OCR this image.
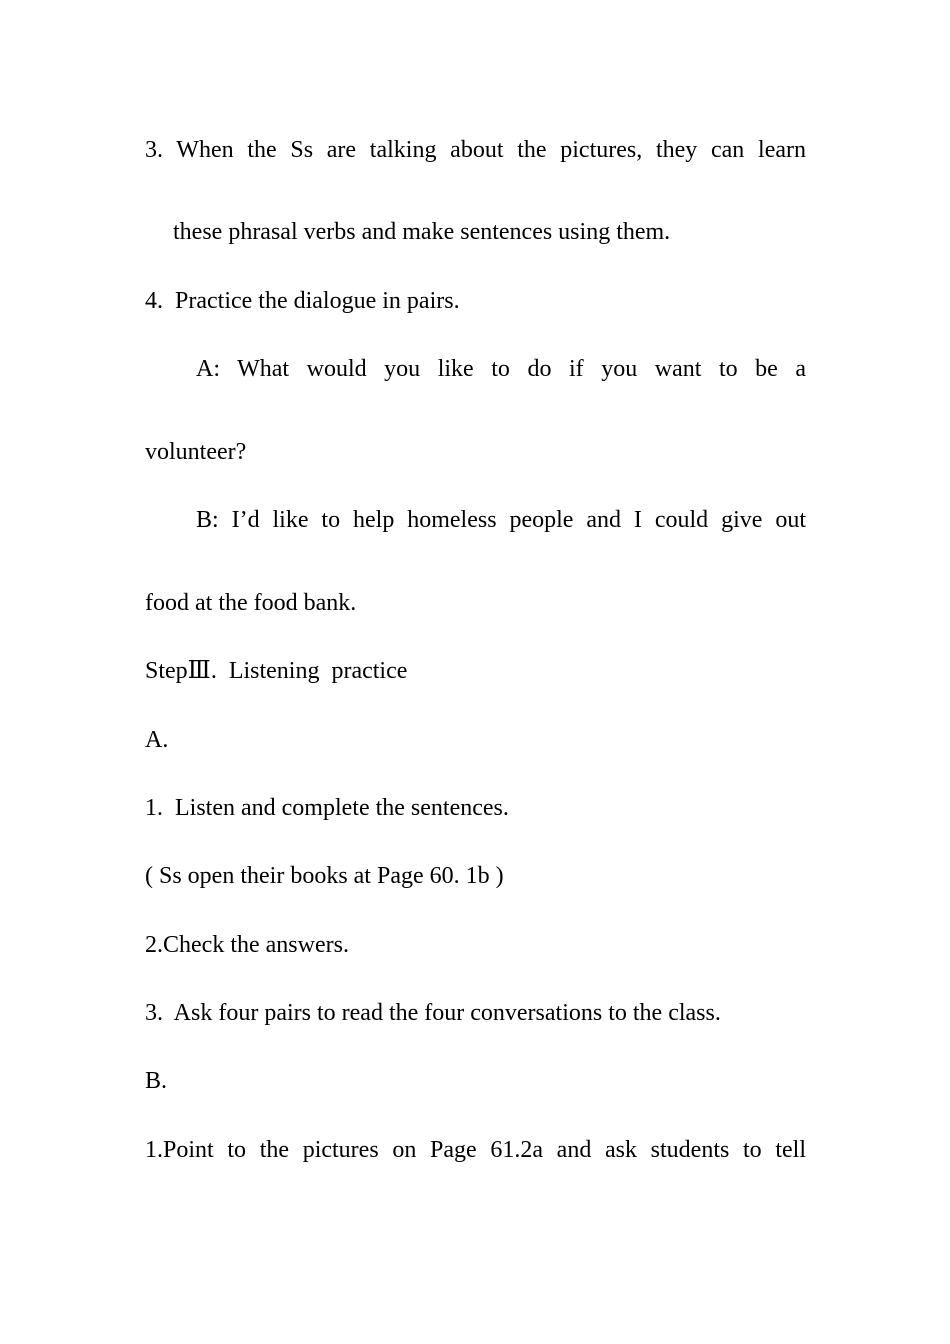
3. When the Ss are talking about the pictures, they can learn
these phrasal verbs and make sentences using them.
4.  Practice the dialogue in pairs.
A:  What  would  you  like  to  do  if  you  want  to  be  a
volunteer?
B:  I’d  like  to  help  homeless  people  and  I  could  give  out
food at the food bank.
StepⅢ.  Listening  practice
A.
1.  Listen and complete the sentences.
( Ss open their books at Page 60. 1b )
2.Check the answers.
3.  Ask four pairs to read the four conversations to the class.
B.
1.Point to the pictures on Page 61.2a and ask students to tell
